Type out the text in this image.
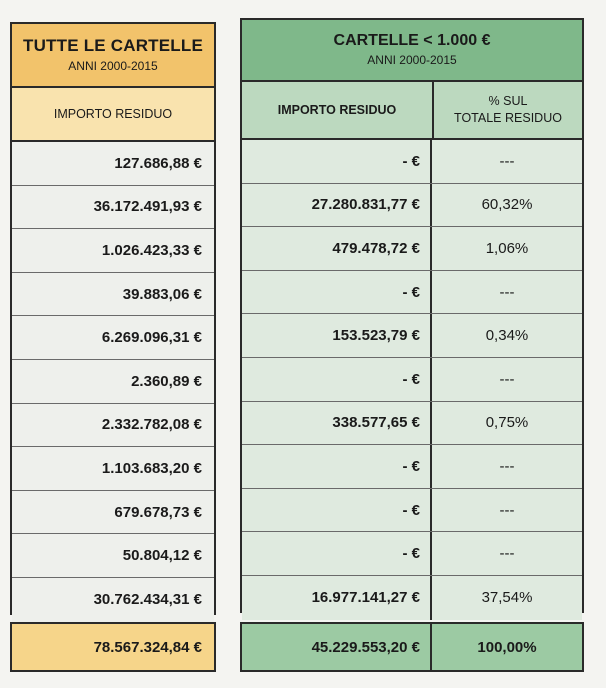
TUTTE LE CARTELLE
ANNI 2000-2015
IMPORTO RESIDUO
127.686,88 €
36.172.491,93 €
1.026.423,33 €
39.883,06 €
6.269.096,31 €
2.360,89 €
2.332.782,08 €
1.103.683,20 €
679.678,73 €
50.804,12 €
30.762.434,31 €
CARTELLE < 1.000 €
ANNI 2000-2015
IMPORTO RESIDUO
% SUL
TOTALE RESIDUO
- €	---
27.280.831,77 €	60,32%
479.478,72 €	1,06%
- €	---
153.523,79 €	0,34%
- €	---
338.577,65 €	0,75%
- €	---
- €	---
- €	---
16.977.141,27 €	37,54%
78.567.324,84 €	45.229.553,20 €	100,00%
